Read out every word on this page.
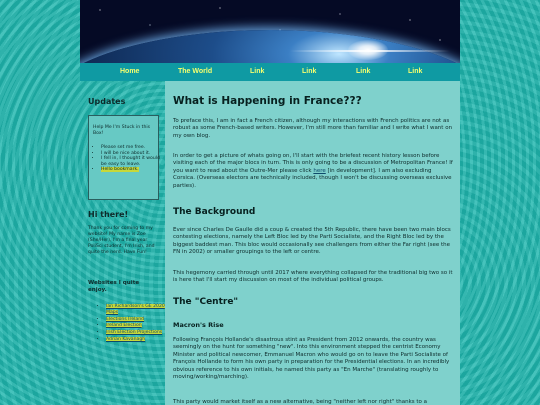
Home	The World	Link	Link	Link	Link
Updates

Help Me I'm Stuck in this Box!

• Please set me free.
• I will be nice about it.
• I fell in, I thought it would be easy to leave.
• Hello bookmark.
Hi there!

Thank you for coming to my website! My name is Zoe (She/Her), I'm a final year PoliSci student, I'm Irish, and quite the nerd. Have Fun!

Websites I quite enjoy.

• Ian Richardson's GE 2020 Maps
• Elections Ireland
• Ireland Election
• Irish Election Projections
• Adrian Kavanagh
What is Happening in France???

To preface this, I am in fact a French citizen, although my interactions with French politics are not as robust as some French-based writers. However, I'm still more than familiar and I write what I want on my own blog.

In order to get a picture of whats going on, I'll start with the briefest recent history lesson before visiting each of the major blocs in turn. This is only going to be a discussion of Metropolitan France! If you want to read about the Outre-Mer please click here [in development]. I am also excluding Corsica. (Overseas electors are technically included, though I won't be discussing overseas exclusive parties).

The Background

Ever since Charles De Gaulle did a coup & created the 5th Republic, there have been two main blocs contesting elections, namely the Left Bloc led by the Parti Socialiste, and the Right Bloc led by the biggest baddest man. This bloc would occasionally see challengers from either the Far right (see the FN in 2002) or smaller groupings to the left or centre.

This hegemony carried through until 2017 where everything collapsed for the traditional big two so it is here that I'll start my discussion on most of the individual political groups.

The "Centre"
Macron's Rise

Following François Hollande's disastrous stint as President from 2012 onwards, the country was seemingly on the hunt for something "new". Into this environment stepped the centrist Economy Minister and political newcomer, Emmanuel Macron who would go on to leave the Parti Socialiste of François Hollande to form his own party in preparation for the Presidential elections. In an incredibly obvious reference to his own initials, he named this party as "En Marche" (translating roughly to moving/working/marching).

This party would market itself as a new alternative, being "neither left nor right" thanks to a
